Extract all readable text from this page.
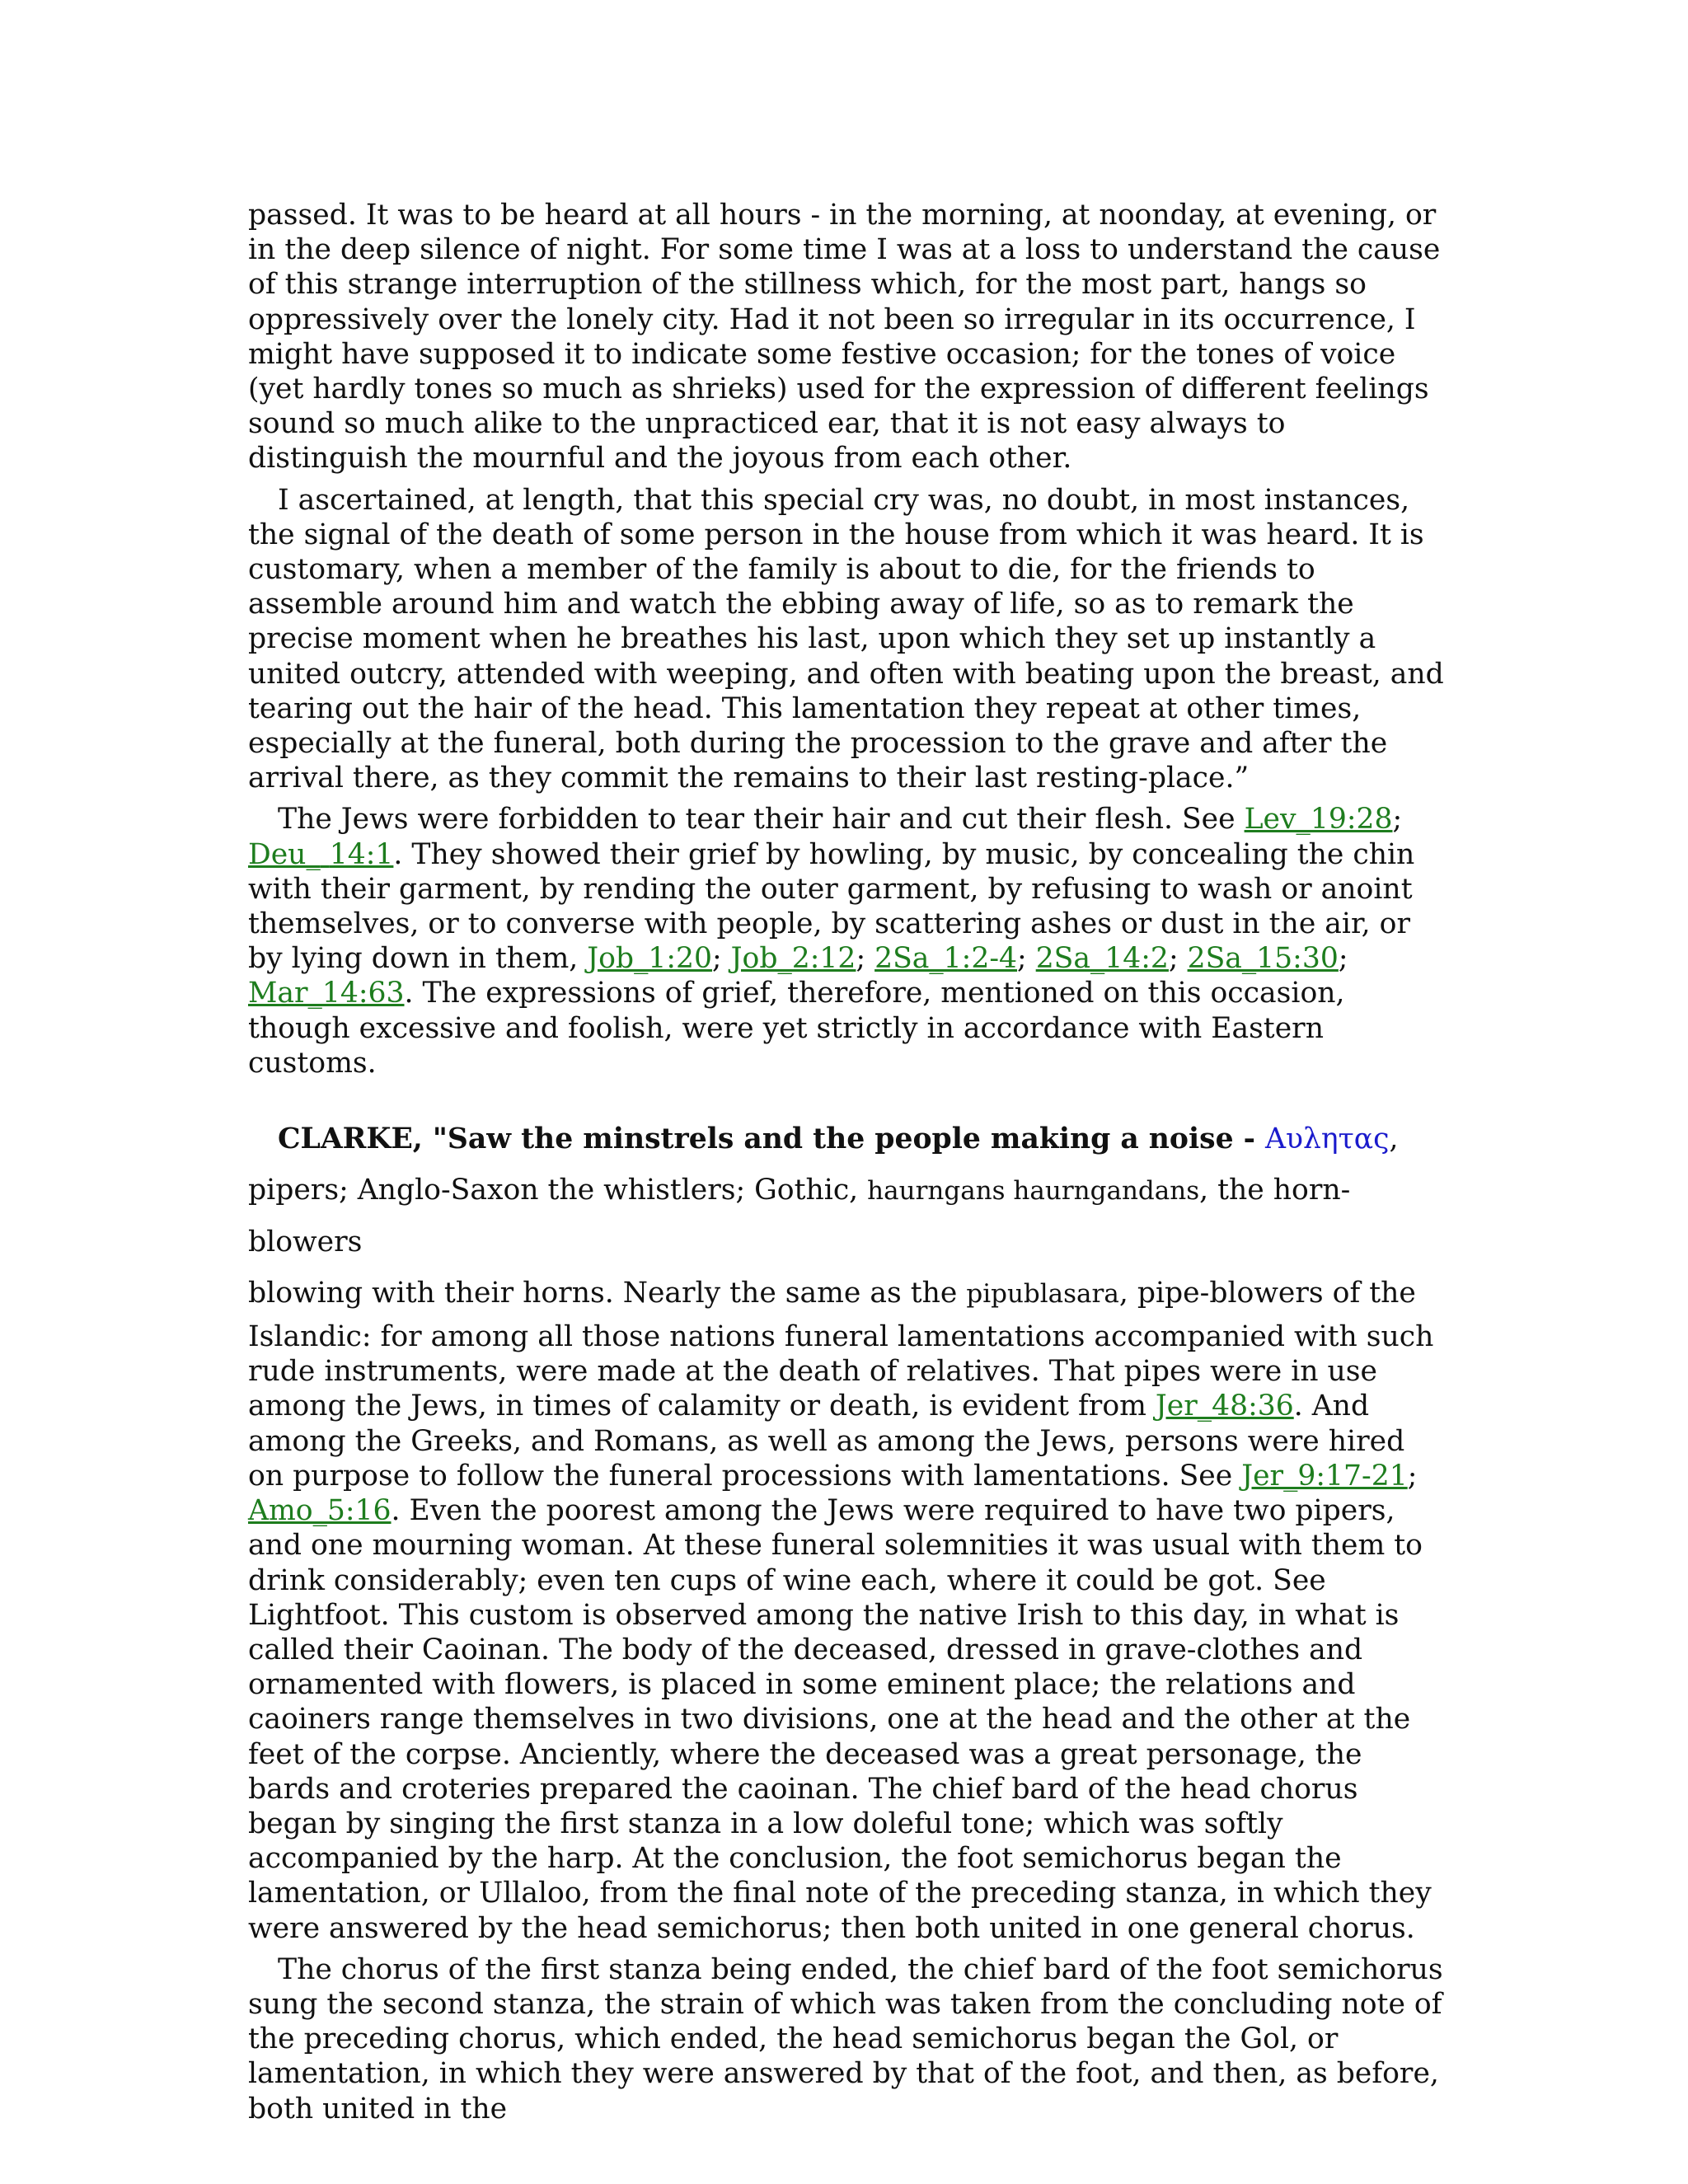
passed. It was to be heard at all hours - in the morning, at noonday, at evening, or in the deep silence of night. For some time I was at a loss to understand the cause of this strange interruption of the stillness which, for the most part, hangs so oppressively over the lonely city. Had it not been so irregular in its occurrence, I might have supposed it to indicate some festive occasion; for the tones of voice (yet hardly tones so much as shrieks) used for the expression of different feelings sound so much alike to the unpracticed ear, that it is not easy always to distinguish the mournful and the joyous from each other.

I ascertained, at length, that this special cry was, no doubt, in most instances, the signal of the death of some person in the house from which it was heard. It is customary, when a member of the family is about to die, for the friends to assemble around him and watch the ebbing away of life, so as to remark the precise moment when he breathes his last, upon which they set up instantly a united outcry, attended with weeping, and often with beating upon the breast, and tearing out the hair of the head. This lamentation they repeat at other times, especially at the funeral, both during the procession to the grave and after the arrival there, as they commit the remains to their last resting-place.”

The Jews were forbidden to tear their hair and cut their flesh. See Lev_19:28; Deu_ 14:1. They showed their grief by howling, by music, by concealing the chin with their garment, by rending the outer garment, by refusing to wash or anoint themselves, or to converse with people, by scattering ashes or dust in the air, or by lying down in them, Job_1:20; Job_2:12; 2Sa_1:2-4; 2Sa_14:2; 2Sa_15:30; Mar_14:63. The expressions of grief, therefore, mentioned on this occasion, though excessive and foolish, were yet strictly in accordance with Eastern customs.

CLARKE, "Saw the minstrels and the people making a noise - Αυλητας,
pipers; Anglo-Saxon the whistlers; Gothic, haurngans haurngandans, the horn-blowers
blowing with their horns. Nearly the same as the pipublasara, pipe-blowers of the

Islandic: for among all those nations funeral lamentations accompanied with such rude instruments, were made at the death of relatives. That pipes were in use among the Jews, in times of calamity or death, is evident from Jer_48:36. And among the Greeks, and Romans, as well as among the Jews, persons were hired on purpose to follow the funeral processions with lamentations. See Jer_9:17-21; Amo_5:16. Even the poorest among the Jews were required to have two pipers, and one mourning woman. At these funeral solemnities it was usual with them to drink considerably; even ten cups of wine each, where it could be got. See Lightfoot. This custom is observed among the native Irish to this day, in what is called their Caoinan. The body of the deceased, dressed in grave-clothes and ornamented with flowers, is placed in some eminent place; the relations and caoiners range themselves in two divisions, one at the head and the other at the feet of the corpse. Anciently, where the deceased was a great personage, the bards and croteries prepared the caoinan. The chief bard of the head chorus began by singing the first stanza in a low doleful tone; which was softly accompanied by the harp. At the conclusion, the foot semichorus began the lamentation, or Ullaloo, from the final note of the preceding stanza, in which they were answered by the head semichorus; then both united in one general chorus.

The chorus of the first stanza being ended, the chief bard of the foot semichorus sung the second stanza, the strain of which was taken from the concluding note of the preceding chorus, which ended, the head semichorus began the Gol, or lamentation, in which they were answered by that of the foot, and then, as before, both united in the
